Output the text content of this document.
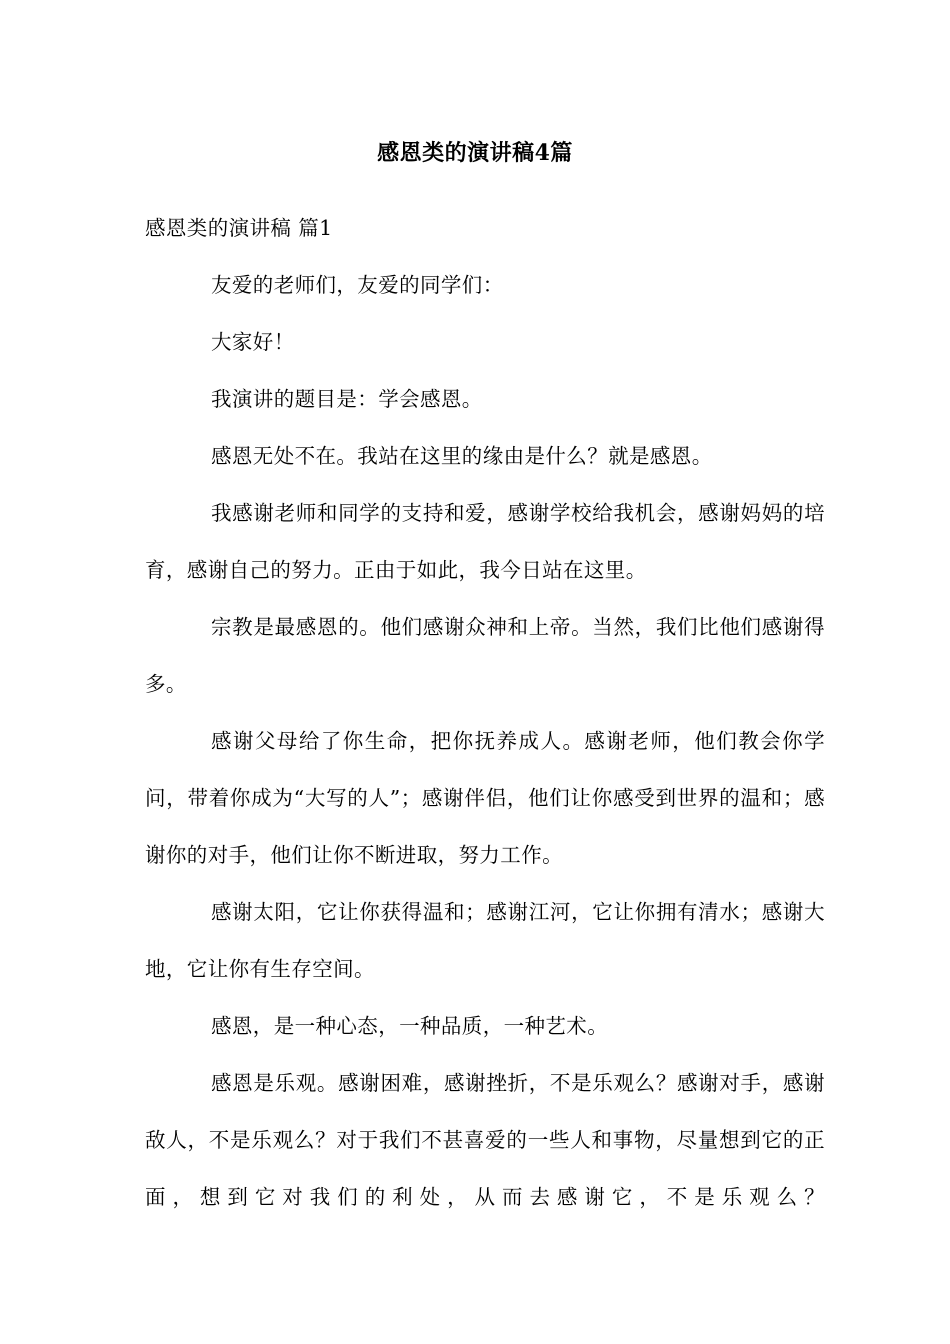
感恩类的演讲稿4篇

感恩类的演讲稿 篇1

友爱的老师们，友爱的同学们：

大家好！

我演讲的题目是：学会感恩。

感恩无处不在。我站在这里的缘由是什么？就是感恩。

我感谢老师和同学的支持和爱，感谢学校给我机会，感谢妈妈的培育，感谢自己的努力。正由于如此，我今日站在这里。

宗教是最感恩的。他们感谢众神和上帝。当然，我们比他们感谢得多。

感谢父母给了你生命，把你抚养成人。感谢老师，他们教会你学问，带着你成为“大写的人”；感谢伴侣，他们让你感受到世界的温和；感谢你的对手，他们让你不断进取，努力工作。

感谢太阳，它让你获得温和；感谢江河，它让你拥有清水；感谢大地，它让你有生存空间。

感恩，是一种心态，一种品质，一种艺术。

感恩是乐观。感谢困难，感谢挫折，不是乐观么？感谢对手，感谢敌人，不是乐观么？对于我们不甚喜爱的一些人和事物，尽量想到它的正面，想到它对我们的利处，从而去感谢它，不是乐观么？
